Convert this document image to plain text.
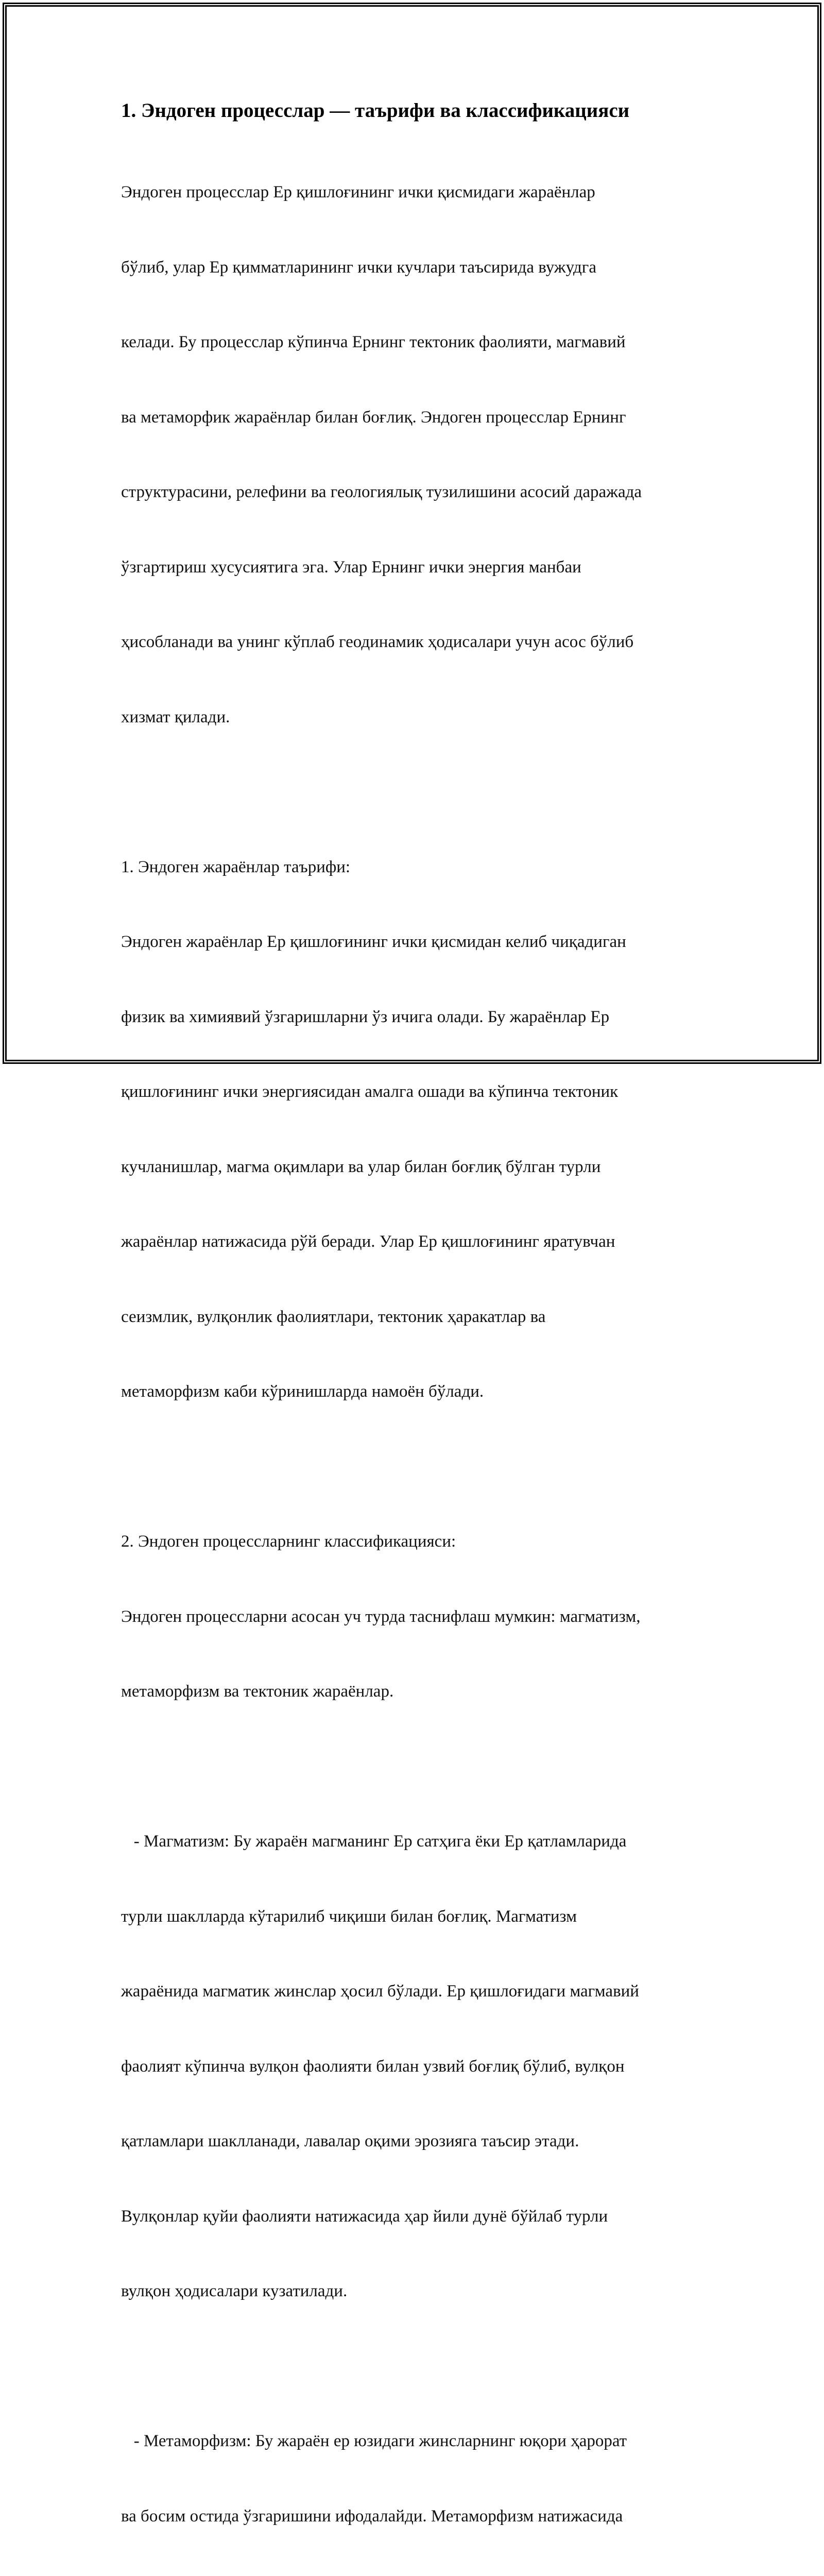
1. Эндоген процесслар — таърифи ва классификацияси

Эндоген процесслар Ер қишлоғининг ички қисмидаги жараёнлар

бўлиб, улар Ер қимматларининг ички кучлари таъсирида вужудга

келади. Бу процесслар кўпинча Ернинг тектоник фаолияти, магмавий

ва метаморфик жараёнлар билан боғлиқ. Эндоген процесслар Ернинг

структурасини, релефини ва геологиялық тузилишини асосий даражада

ўзгартириш хусусиятига эга. Улар Ернинг ички энергия манбаи

ҳисобланади ва унинг кўплаб геодинамик ҳодисалари учун асос бўлиб

хизмат қилади.

1. Эндоген жараёнлар таърифи:

Эндоген жараёнлар Ер қишлоғининг ички қисмидан келиб чиқадиган

физик ва химиявий ўзгаришларни ўз ичига олади. Бу жараёнлар Ер

қишлоғининг ички энергиясидан амалга ошади ва кўпинча тектоник

кучланишлар, магма оқимлари ва улар билан боғлиқ бўлган турли

жараёнлар натижасида рўй беради. Улар Ер қишлоғининг яратувчан

сеизмлик, вулқонлик фаолиятлари, тектоник ҳаракатлар ва

метаморфизм каби кўринишларда намоён бўлади.

2. Эндоген процессларнинг классификацияси:

Эндоген процессларни асосан уч турда таснифлаш мумкин: магматизм,

метаморфизм ва тектоник жараёнлар.

- Магматизм: Бу жараён магманинг Ер сатҳига ёки Ер қатламларида

турли шаклларда кўтарилиб чиқиши билан боғлиқ. Магматизм

жараёнида магматик жинслар ҳосил бўлади. Ер қишлоғидаги магмавий

фаолият кўпинча вулқон фаолияти билан узвий боғлиқ бўлиб, вулқон

қатламлари шаклланади, лавалар оқими эрозияга таъсир этади.

Вулқонлар қуйи фаолияти натижасида ҳар йили дунё бўйлаб турли

вулқон ҳодисалари кузатилади.

- Метаморфизм: Бу жараён ер юзидаги жинсларнинг юқори ҳарорат

ва босим остида ўзгаришини ифодалайди. Метаморфизм натижасида
